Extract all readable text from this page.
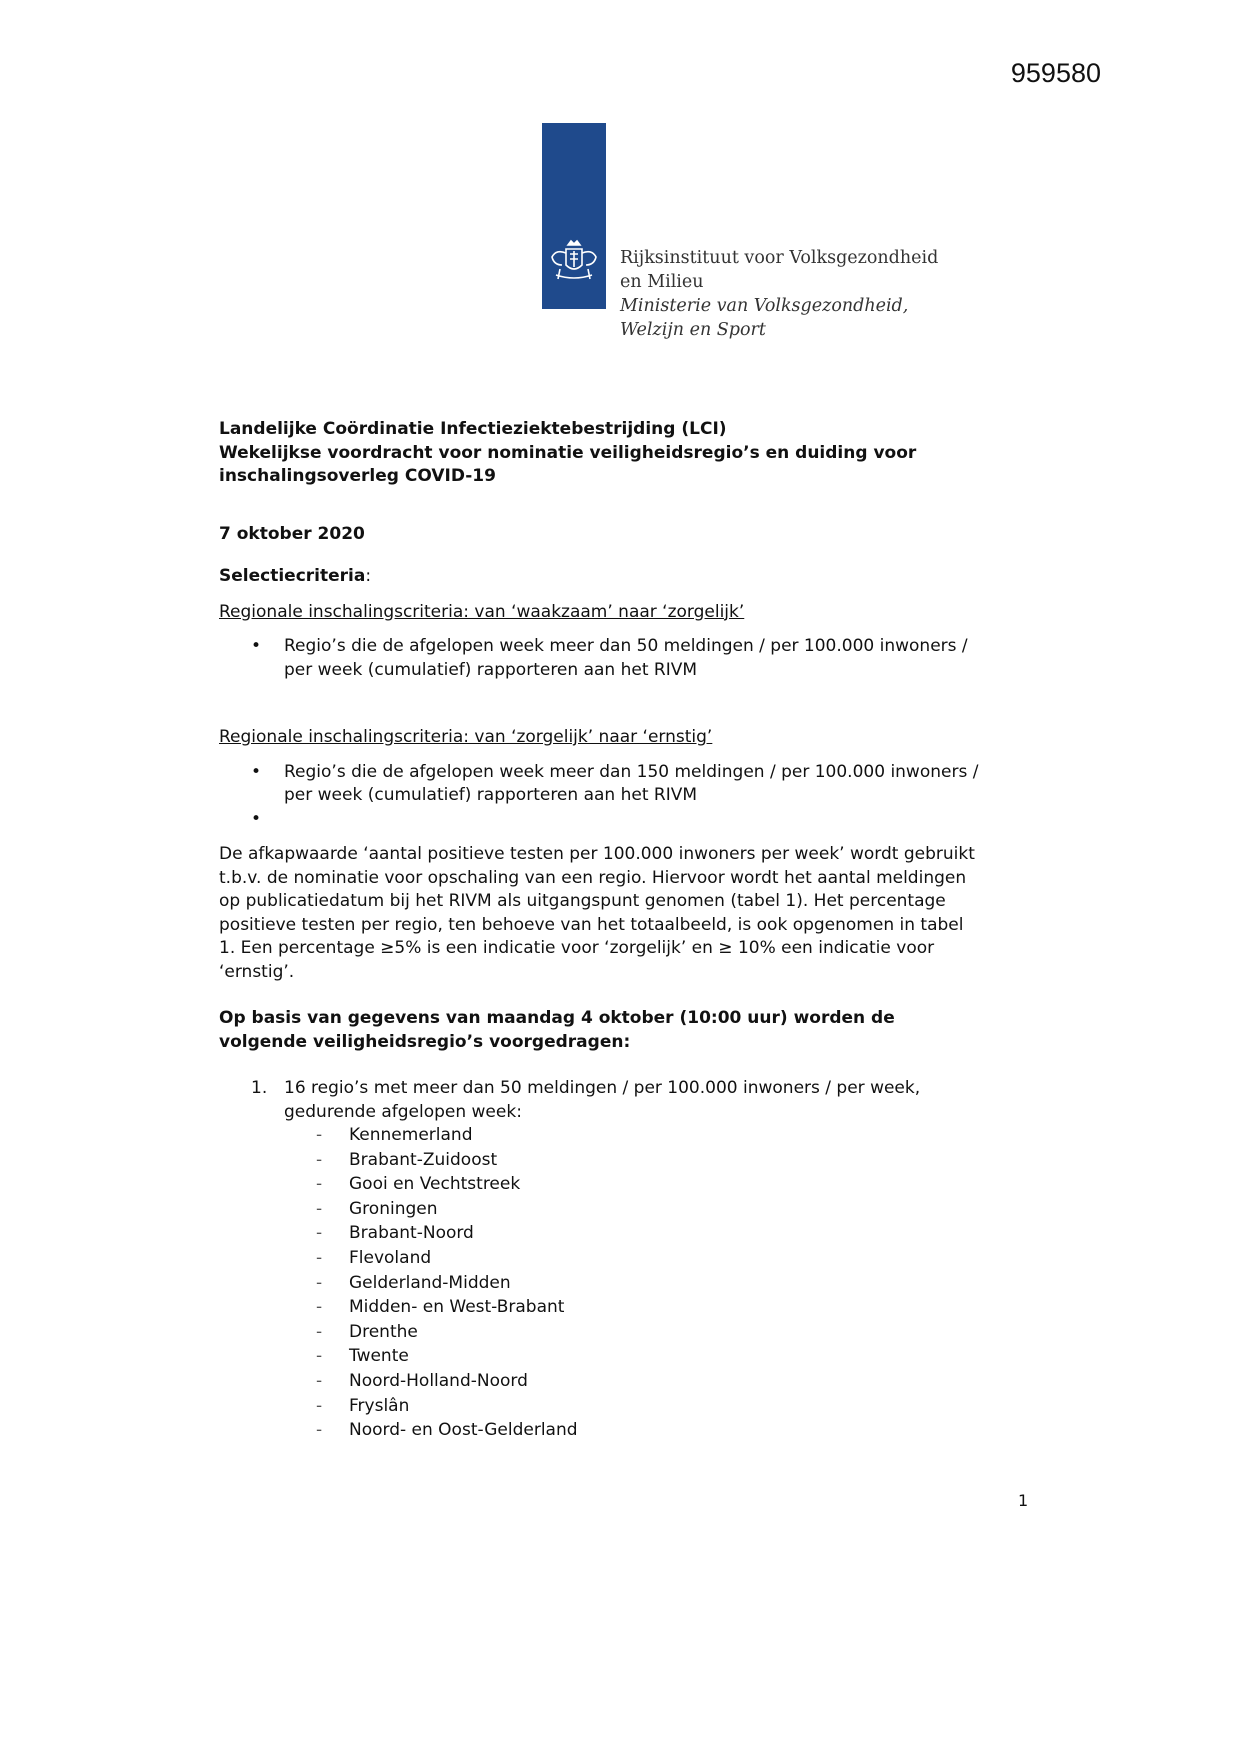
959580
Rijksinstituut voor Volksgezondheid
en Milieu
Ministerie van Volksgezondheid,
Welzijn en Sport
Landelijke Coördinatie Infectieziektebestrijding (LCI)
Wekelijkse voordracht voor nominatie veiligheidsregio’s en duiding voor
inschalingsoverleg COVID-19
7 oktober 2020
Selectiecriteria:
Regionale inschalingscriteria: van ‘waakzaam’ naar ‘zorgelijk’
• Regio’s die de afgelopen week meer dan 50 meldingen / per 100.000 inwoners /
per week (cumulatief) rapporteren aan het RIVM
Regionale inschalingscriteria: van ‘zorgelijk’ naar ‘ernstig’
• Regio’s die de afgelopen week meer dan 150 meldingen / per 100.000 inwoners /
per week (cumulatief) rapporteren aan het RIVM
•
De afkapwaarde ‘aantal positieve testen per 100.000 inwoners per week’ wordt gebruikt
t.b.v. de nominatie voor opschaling van een regio. Hiervoor wordt het aantal meldingen
op publicatiedatum bij het RIVM als uitgangspunt genomen (tabel 1). Het percentage
positieve testen per regio, ten behoeve van het totaalbeeld, is ook opgenomen in tabel
1. Een percentage ≥5% is een indicatie voor ‘zorgelijk’ en ≥ 10% een indicatie voor
‘ernstig’.
Op basis van gegevens van maandag 4 oktober (10:00 uur) worden de
volgende veiligheidsregio’s voorgedragen:
1. 16 regio’s met meer dan 50 meldingen / per 100.000 inwoners / per week,
gedurende afgelopen week:
- Kennemerland
- Brabant-Zuidoost
- Gooi en Vechtstreek
- Groningen
- Brabant-Noord
- Flevoland
- Gelderland-Midden
- Midden- en West-Brabant
- Drenthe
- Twente
- Noord-Holland-Noord
- Fryslân
- Noord- en Oost-Gelderland
1
